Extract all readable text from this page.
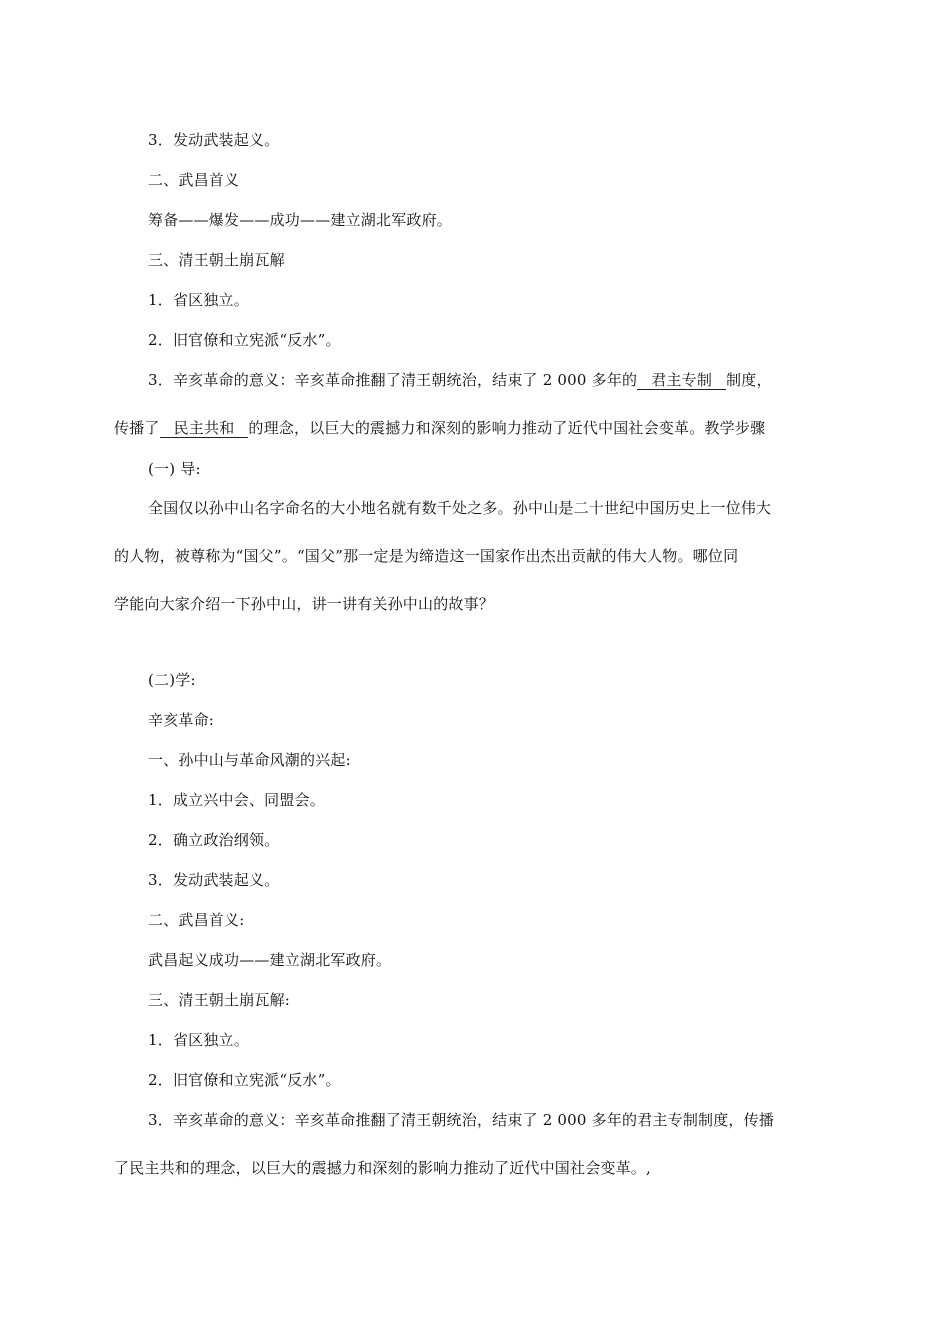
3．发动武装起义。
二、武昌首义
筹备——爆发——成功——建立湖北军政府。
三、清王朝土崩瓦解
1．省区独立。
2．旧官僚和立宪派“反水”。
3．辛亥革命的意义：辛亥革命推翻了清王朝统治，结束了 2 000 多年的 君主专制 制度，
传播了 民主共和 的理念，以巨大的震撼力和深刻的影响力推动了近代中国社会变革。教学步骤
(一) 导:
全国仅以孙中山名字命名的大小地名就有数千处之多。孙中山是二十世纪中国历史上一位伟大
的人物，被尊称为“国父”。“国父”那一定是为缔造这一国家作出杰出贡献的伟大人物。哪位同
学能向大家介绍一下孙中山，讲一讲有关孙中山的故事？
(二)学:
辛亥革命:
一、孙中山与革命风潮的兴起:
1．成立兴中会、同盟会。
2．确立政治纲领。
3．发动武装起义。
二、武昌首义:
武昌起义成功——建立湖北军政府。
三、清王朝土崩瓦解:
1．省区独立。
2．旧官僚和立宪派“反水”。
3．辛亥革命的意义：辛亥革命推翻了清王朝统治，结束了 2 000 多年的君主专制制度，传播
了民主共和的理念，以巨大的震撼力和深刻的影响力推动了近代中国社会变革。,
